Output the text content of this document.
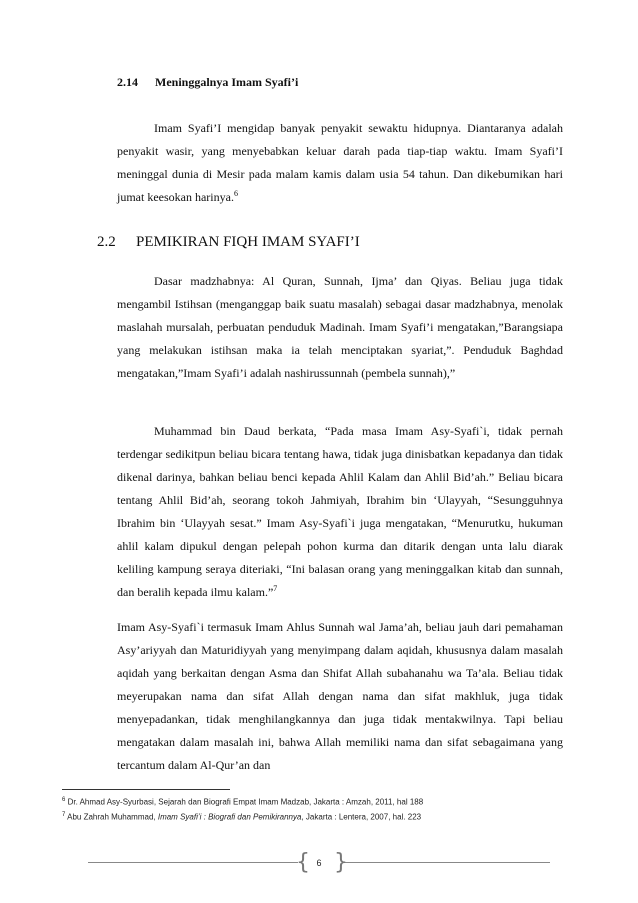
2.14 Meninggalnya Imam Syafi’i
Imam Syafi’I mengidap banyak penyakit sewaktu hidupnya. Diantaranya adalah penyakit wasir, yang menyebabkan keluar darah pada tiap-tiap waktu. Imam Syafi’I meninggal dunia di Mesir pada malam kamis dalam usia 54 tahun. Dan dikebumikan hari jumat keesokan harinya.$^6$
2.2 PEMIKIRAN FIQH IMAM SYAFI’I
Dasar madzhabnya: Al Quran, Sunnah, Ijma’ dan Qiyas. Beliau juga tidak mengambil Istihsan (menganggap baik suatu masalah) sebagai dasar madzhabnya, menolak maslahah mursalah, perbuatan penduduk Madinah. Imam Syafi’i mengatakan,”Barangsiapa yang melakukan istihsan maka ia telah menciptakan syariat,”. Penduduk Baghdad mengatakan,”Imam Syafi’i adalah nashirussunnah (pembela sunnah),”
Muhammad bin Daud berkata, “Pada masa Imam Asy-Syafi`i, tidak pernah terdengar sedikitpun beliau bicara tentang hawa, tidak juga dinisbatkan kepadanya dan tidak dikenal darinya, bahkan beliau benci kepada Ahlil Kalam dan Ahlil Bid’ah.” Beliau bicara tentang Ahlil Bid’ah, seorang tokoh Jahmiyah, Ibrahim bin ‘Ulayyah, “Sesungguhnya Ibrahim bin ‘Ulayyah sesat.” Imam Asy-Syafi`i juga mengatakan, “Menurutku, hukuman ahlil kalam dipukul dengan pelepah pohon kurma dan ditarik dengan unta lalu diarak keliling kampung seraya diteriaki, “Ini balasan orang yang meninggalkan kitab dan sunnah, dan beralih kepada ilmu kalam.”$^7$
Imam Asy-Syafi`i termasuk Imam Ahlus Sunnah wal Jama’ah, beliau jauh dari pemahaman Asy’ariyyah dan Maturidiyyah yang menyimpang dalam aqidah, khususnya dalam masalah aqidah yang berkaitan dengan Asma dan Shifat Allah subahanahu wa Ta’ala. Beliau tidak meyerupakan nama dan sifat Allah dengan nama dan sifat makhluk, juga tidak menyepadankan, tidak menghilangkannya dan juga tidak mentakwilnya. Tapi beliau mengatakan dalam masalah ini, bahwa Allah memiliki nama dan sifat sebagaimana yang tercantum dalam Al-Qur’an dan
$^6$ Dr. Ahmad Asy-Syurbasi, Sejarah dan Biografi Empat Imam Madzab, Jakarta : Amzah, 2011, hal 188
$^7$ Abu Zahrah Muhammad, Imam Syafi’i : Biografi dan Pemikirannya, Jakarta : Lentera, 2007, hal. 223
{ }
6
